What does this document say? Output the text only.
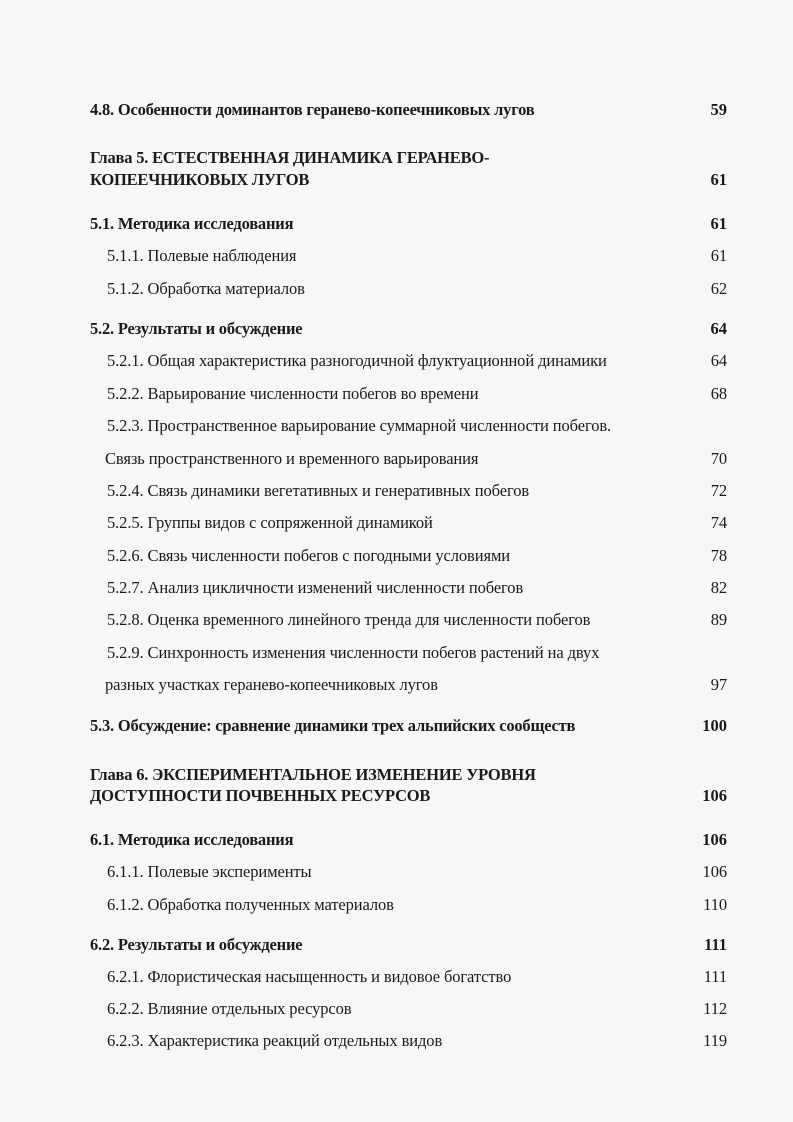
4.8. Особенности доминантов геранево-копеечниковых лугов	59
Глава 5. ЕСТЕСТВЕННАЯ ДИНАМИКА ГЕРАНЕВО-
КОПЕЕЧНИКОВЫХ ЛУГОВ	61
5.1. Методика исследования	61
5.1.1. Полевые наблюдения	61
5.1.2. Обработка материалов	62
5.2. Результаты и обсуждение	64
5.2.1. Общая характеристика разногодичной флуктуационной динамики	64
5.2.2. Варьирование численности побегов во времени	68
5.2.3. Пространственное варьирование суммарной численности побегов.
Связь пространственного и временного варьирования	70
5.2.4. Связь динамики вегетативных и генеративных побегов	72
5.2.5. Группы видов с сопряженной динамикой	74
5.2.6. Связь численности побегов с погодными условиями	78
5.2.7. Анализ цикличности изменений численности побегов	82
5.2.8. Оценка временного линейного тренда для численности побегов	89
5.2.9. Синхронность изменения численности побегов растений на двух
разных участках геранево-копеечниковых лугов	97
5.3. Обсуждение: сравнение динамики трех альпийских сообществ	100
Глава 6. ЭКСПЕРИМЕНТАЛЬНОЕ ИЗМЕНЕНИЕ УРОВНЯ
ДОСТУПНОСТИ ПОЧВЕННЫХ РЕСУРСОВ	106
6.1. Методика исследования	106
6.1.1. Полевые эксперименты	106
6.1.2. Обработка полученных материалов	110
6.2. Результаты и обсуждение	111
6.2.1. Флористическая насыщенность и видовое богатство	111
6.2.2. Влияние отдельных ресурсов	112
6.2.3. Характеристика реакций отдельных видов	119
